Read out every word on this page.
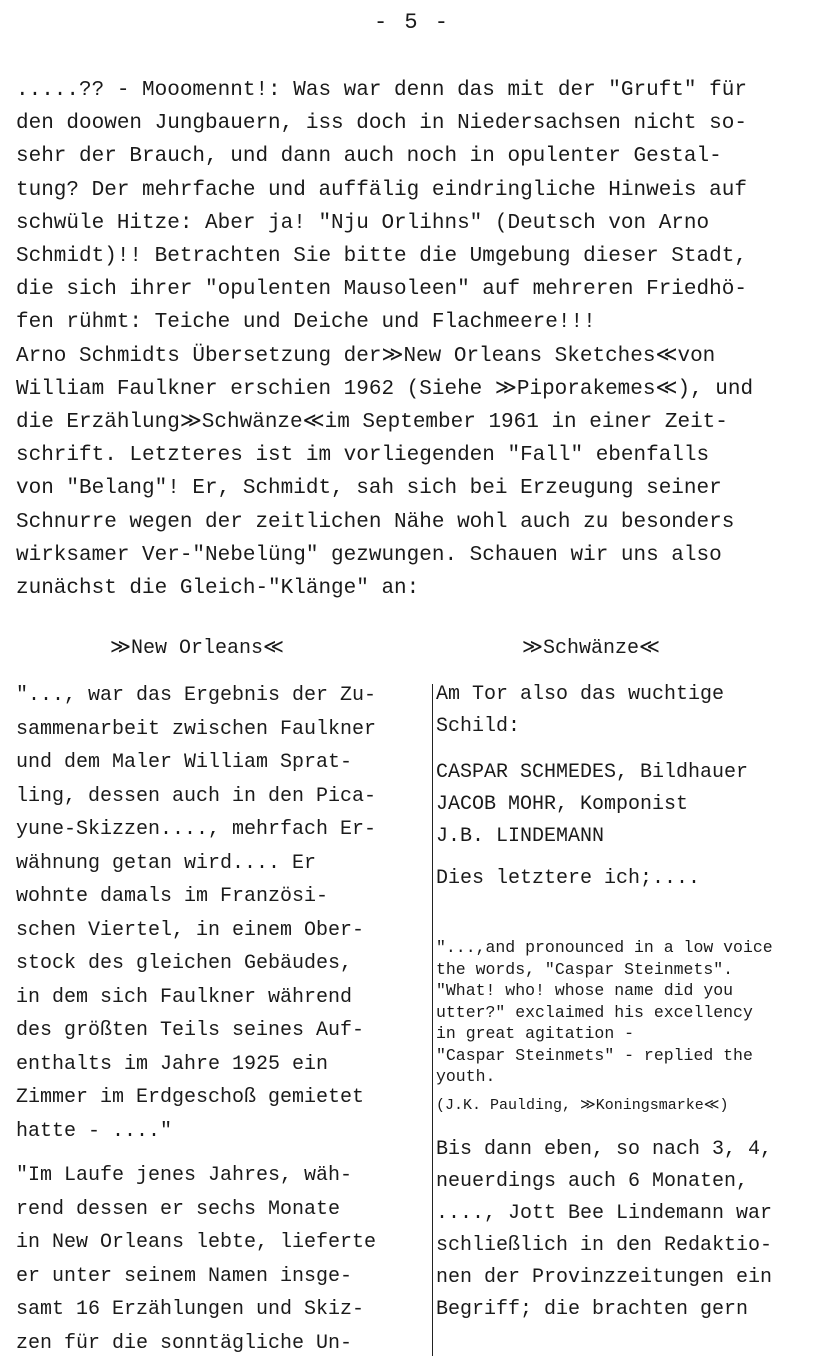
- 5 -
.....?? - Mooomennt!: Was war denn das mit der "Gruft" für
den doowen Jungbauern, iss doch in Niedersachsen nicht so-
sehr der Brauch, und dann auch noch in opulenter Gestal-
tung? Der mehrfache und auffälig eindringliche Hinweis auf
schwüle Hitze: Aber ja! "Nju Orlihns" (Deutsch von Arno
Schmidt)!! Betrachten Sie bitte die Umgebung dieser Stadt,
die sich ihrer "opulenten Mausoleen" auf mehreren Friedhö-
fen rühmt: Teiche und Deiche und Flachmeere!!!
Arno Schmidts Übersetzung der≫New Orleans Sketches≪von
William Faulkner erschien 1962 (Siehe ≫Piporakemes≪), und
die Erzählung≫Schwänze≪im September 1961 in einer Zeit-
schrift. Letzteres ist im vorliegenden "Fall" ebenfalls
von "Belang"! Er, Schmidt, sah sich bei Erzeugung seiner
Schnurre wegen der zeitlichen Nähe wohl auch zu besonders
wirksamer Ver-"Nebelüng" gezwungen. Schauen wir uns also
zunächst die Gleich-"Klänge" an:
≫New Orleans≪	≫Schwänze≪
"..., war das Ergebnis der Zu-
sammenarbeit zwischen Faulkner
und dem Maler William Sprat-
ling, dessen auch in den Pica-
yune-Skizzen...., mehrfach Er-
wähnung getan wird.... Er
wohnte damals im Französi-
schen Viertel, in einem Ober-
stock des gleichen Gebäudes,
in dem sich Faulkner während
des größten Teils seines Auf-
enthalts im Jahre 1925 ein
Zimmer im Erdgeschoß gemietet
hatte - ...."
"Im Laufe jenes Jahres, wäh-
rend dessen er sechs Monate
in New Orleans lebte, lieferte
er unter seinem Namen insge-
samt 16 Erzählungen und Skiz-
zen für die sonntägliche Un-
Am Tor also das wuchtige
Schild:
CASPAR SCHMEDES, Bildhauer
JACOB MOHR, Komponist
J.B. LINDEMANN
Dies letztere ich;....
"...,and pronounced in a low voice
the words, "Caspar Steinmets".
"What! who! whose name did you
utter?" exclaimed his excellency
in great agitation -
"Caspar Steinmets" - replied the
youth.
(J.K. Paulding, ≫Koningsmarke≪)
Bis dann eben, so nach 3, 4,
neuerdings auch 6 Monaten,
...., Jott Bee Lindemann war
schließlich in den Redaktio-
nen der Provinzzeitungen ein
Begriff; die brachten gern
